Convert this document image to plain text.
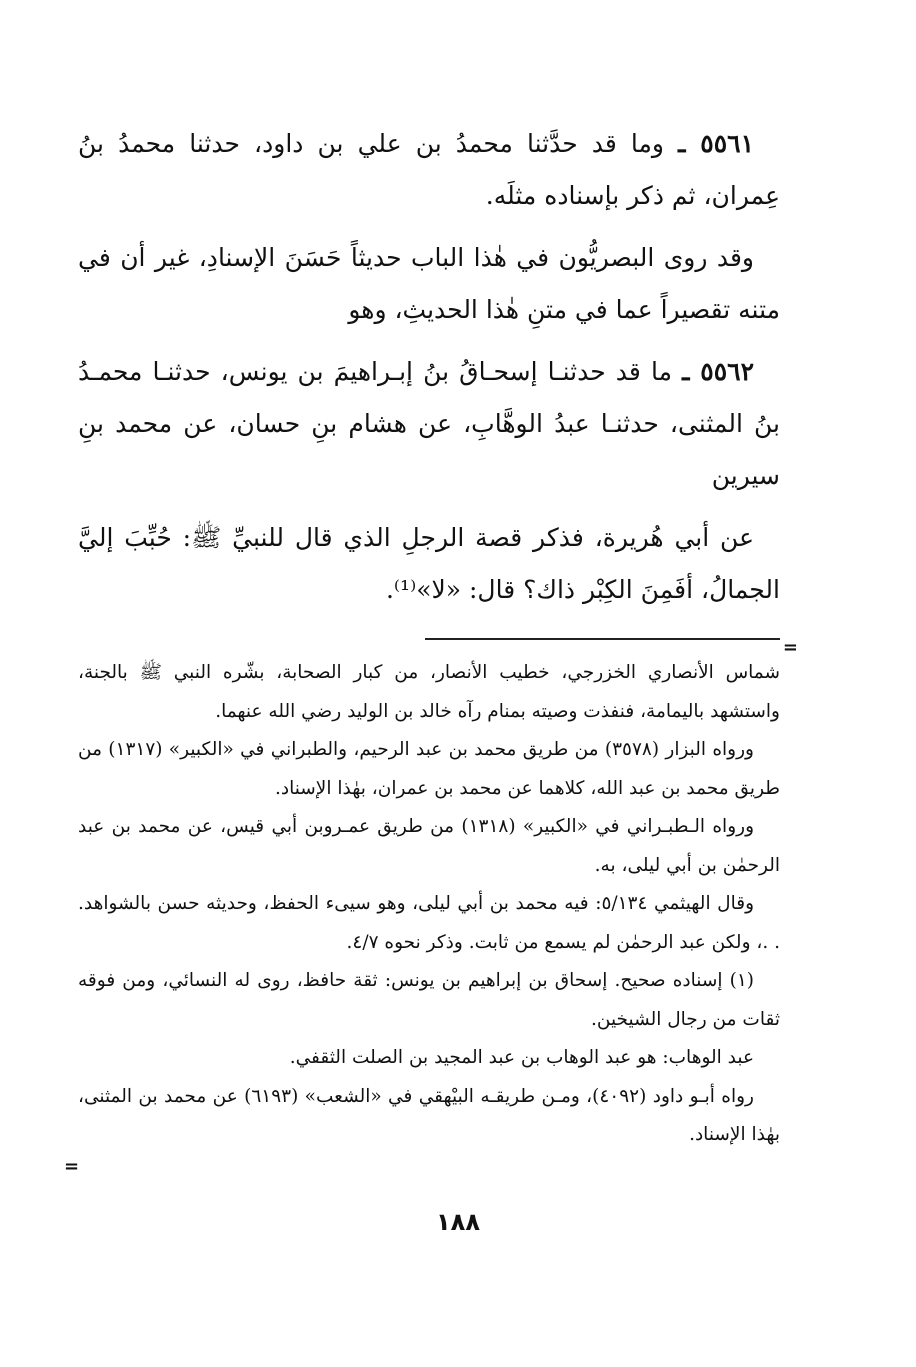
٥٥٦١ ـ وما قد حدَّثنا محمدُ بن علي بن داود، حدثنا محمدُ بنُ عِمران، ثم ذكر بإسناده مثلَه.

وقد روى البصريُّون في هٰذا الباب حديثاً حَسَنَ الإسنادِ، غير أن في متنه تقصيراً عما في متنِ هٰذا الحديثِ، وهو

٥٥٦٢ ـ ما قد حدثنـا إسحـاقُ بنُ إبـراهيمَ بن يونس، حدثنـا محمـدُ بنُ المثنى، حدثنـا عبدُ الوهَّابِ، عن هشام بنِ حسان، عن محمد بنِ سيرين

عن أبي هُريرة، فذكر قصة الرجلِ الذي قال للنبيِّ ﷺ: حُبِّبَ إليَّ الجمالُ، أفَمِنَ الكِبْر ذاك؟ قال: «لا»⁽¹⁾.

شماس الأنصاري الخزرجي، خطيب الأنصار، من كبار الصحابة، بشّره النبي ﷺ بالجنة، واستشهد باليمامة، فنفذت وصيته بمنام رآه خالد بن الوليد رضي الله عنهما.

ورواه البزار (٣٥٧٨) من طريق محمد بن عبد الرحيم، والطبراني في «الكبير» (١٣١٧) من طريق محمد بن عبد الله، كلاهما عن محمد بن عمران، بهٰذا الإسناد.

ورواه الـطبـراني في «الكبير» (١٣١٨) من طريق عمـروبن أبي قيس، عن محمد بن عبد الرحمٰن بن أبي ليلى، به.

وقال الهيثمي ٥/١٣٤: فيه محمد بن أبي ليلى، وهو سيىء الحفظ، وحديثه حسن بالشواهد. . .، ولكن عبد الرحمٰن لم يسمع من ثابت. وذكر نحوه ٤/٧.

(١) إسناده صحيح. إسحاق بن إبراهيم بن يونس: ثقة حافظ، روى له النسائي، ومن فوقه ثقات من رجال الشيخين.

عبد الوهاب: هو عبد الوهاب بن عبد المجيد بن الصلت الثقفي.

رواه أبـو داود (٤٠٩٢)، ومـن طريقـه البيْهقي في «الشعب» (٦١٩٣) عن محمد بن المثنى، بهٰذا الإسناد.

=
=
١٨٨
